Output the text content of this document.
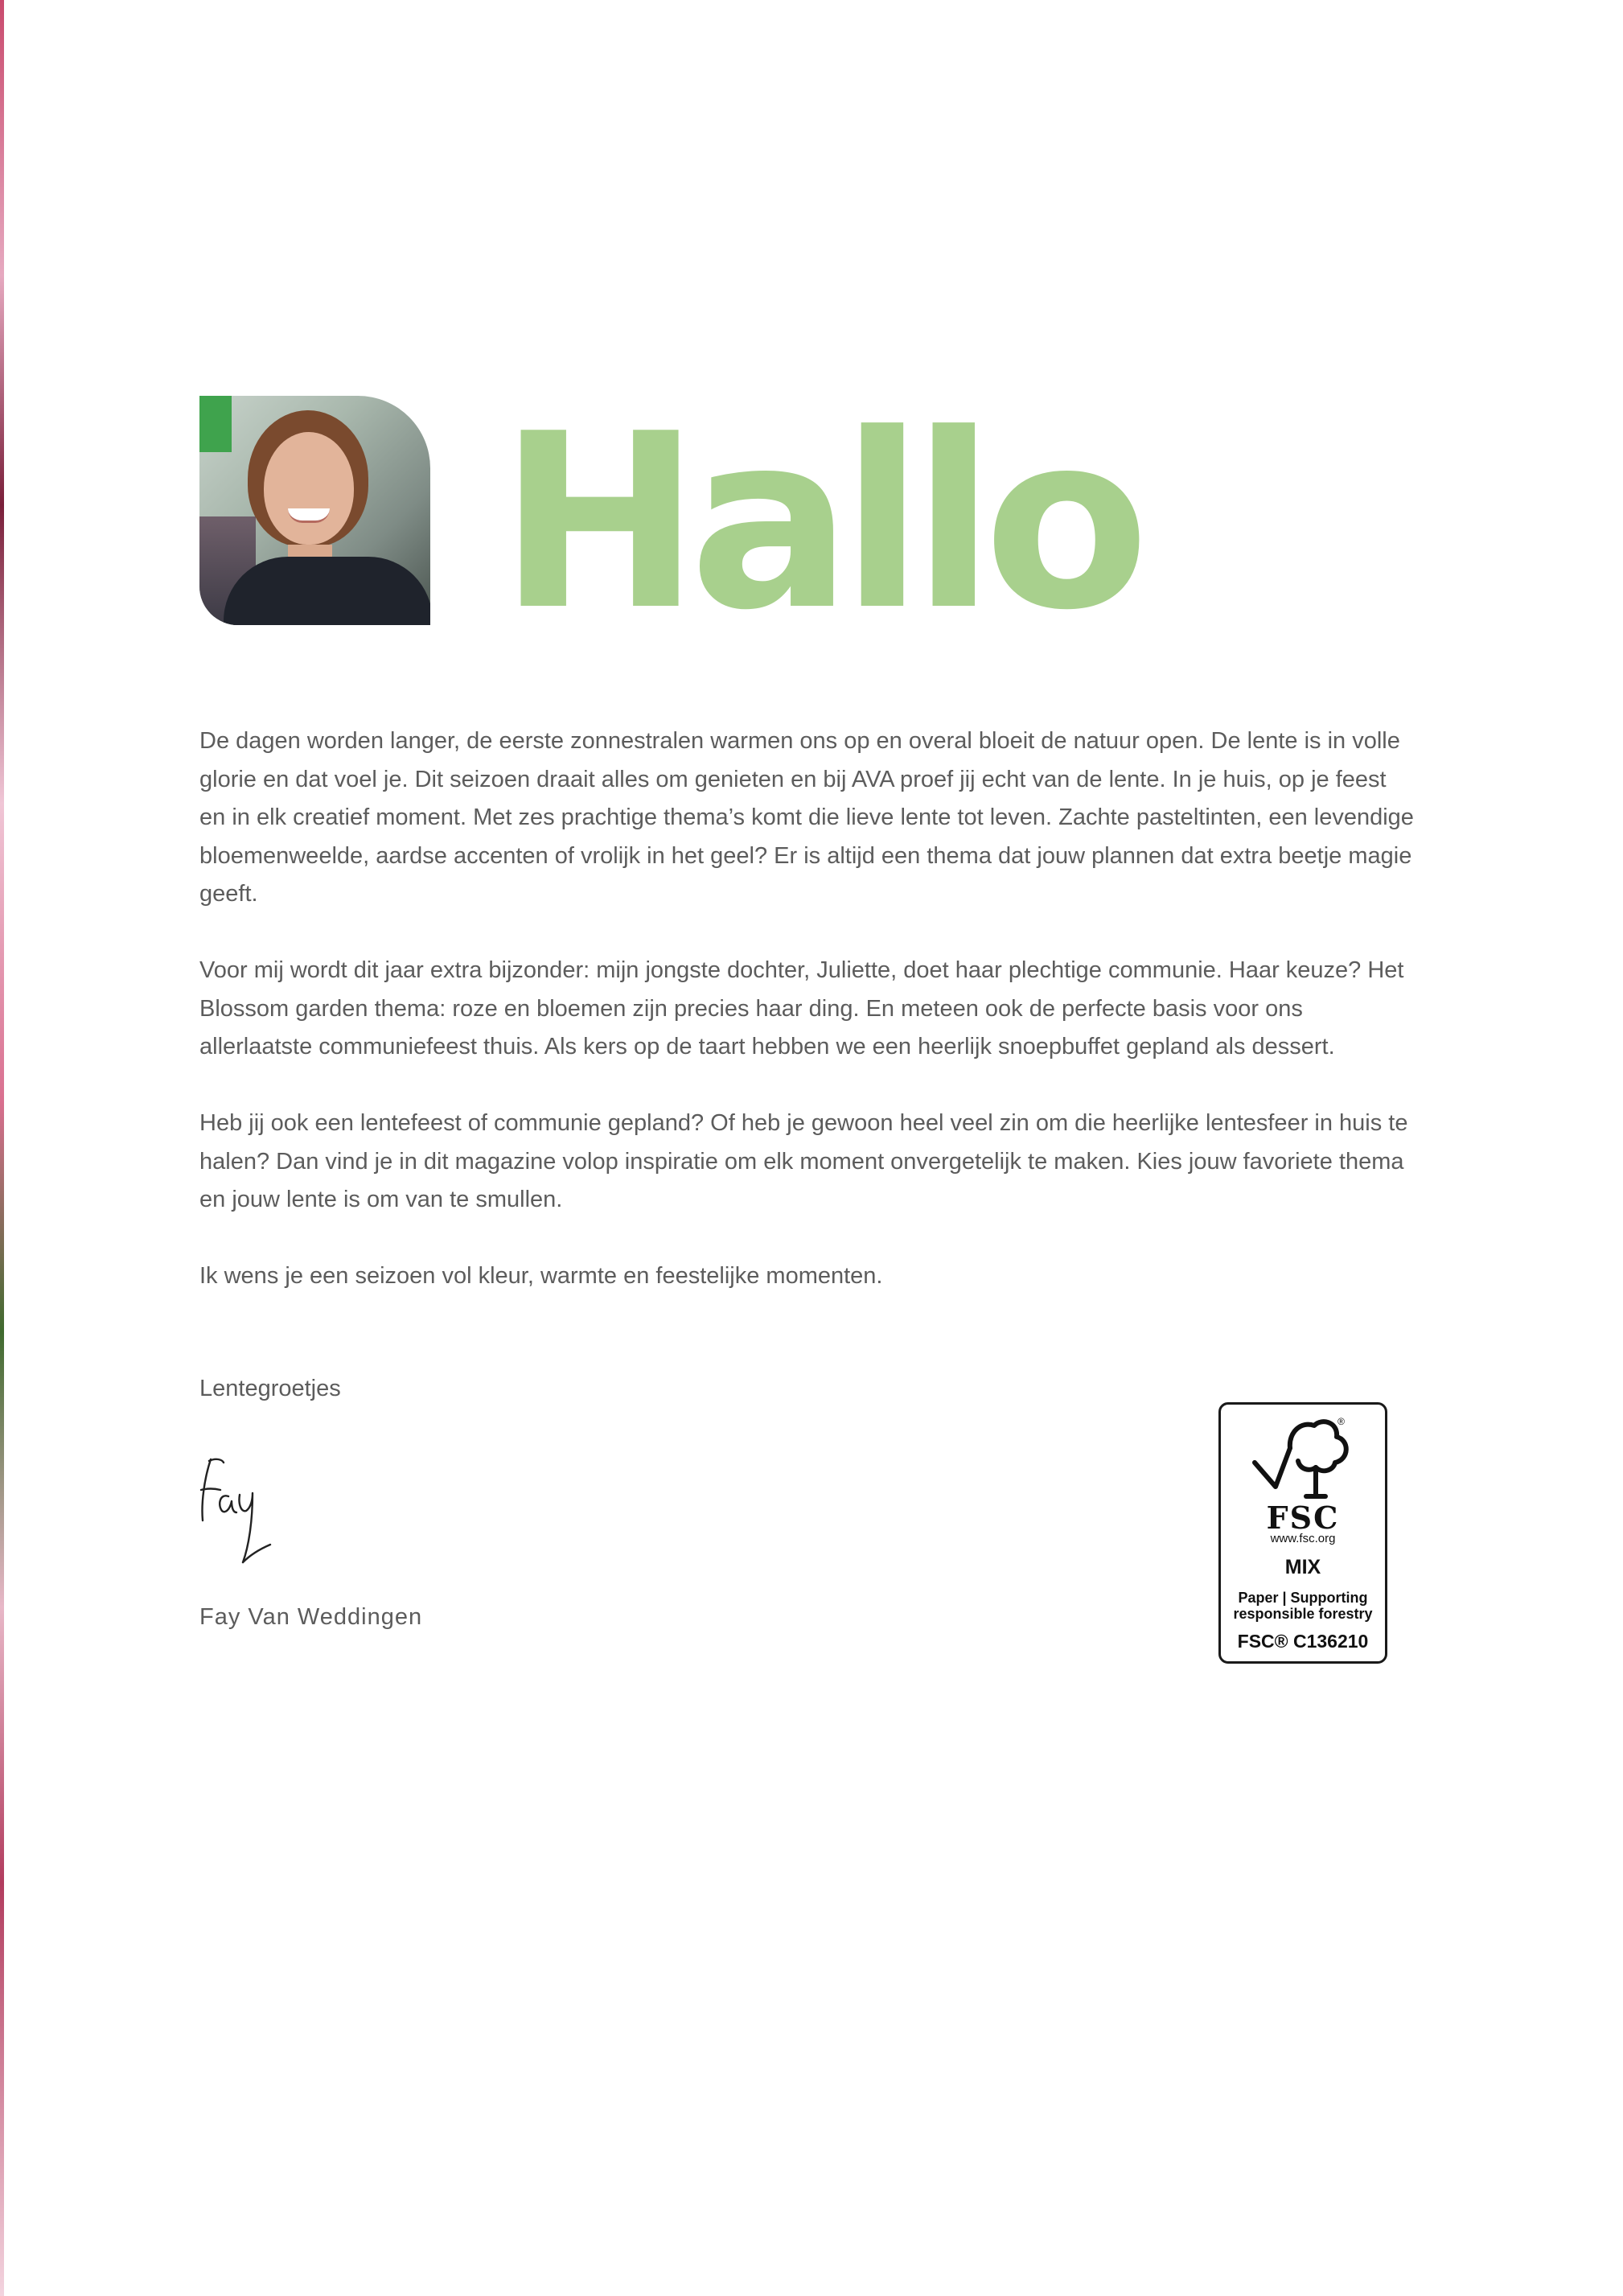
Hallo

De dagen worden langer, de eerste zonnestralen warmen ons op en overal bloeit de natuur open. De lente is in volle glorie en dat voel je. Dit seizoen draait alles om genieten en bij AVA proef jij echt van de lente. In je huis, op je feest en in elk creatief moment. Met zes prachtige thema’s komt die lieve lente tot leven. Zachte pasteltinten, een levendige bloemenweelde, aardse accenten of vrolijk in het geel? Er is altijd een thema dat jouw plannen dat extra beetje magie geeft.

Voor mij wordt dit jaar extra bijzonder: mijn jongste dochter, Juliette, doet haar plechtige communie. Haar keuze? Het Blossom garden thema: roze en bloemen zijn precies haar ding. En meteen ook de perfecte basis voor ons allerlaatste communiefeest thuis. Als kers op de taart hebben we een heerlijk snoepbuffet gepland als dessert.

Heb jij ook een lentefeest of communie gepland? Of heb je gewoon heel veel zin om die heerlijke lentesfeer in huis te halen? Dan vind je in dit magazine volop inspiratie om elk moment onvergetelijk te maken. Kies jouw favoriete thema en jouw lente is om van te smullen.

Ik wens je een seizoen vol kleur, warmte en feestelijke momenten.

Lentegroetjes
Fay Van Weddingen
®
FSC
www.fsc.org
MIX
Paper | Supporting
responsible forestry
FSC® C136210
